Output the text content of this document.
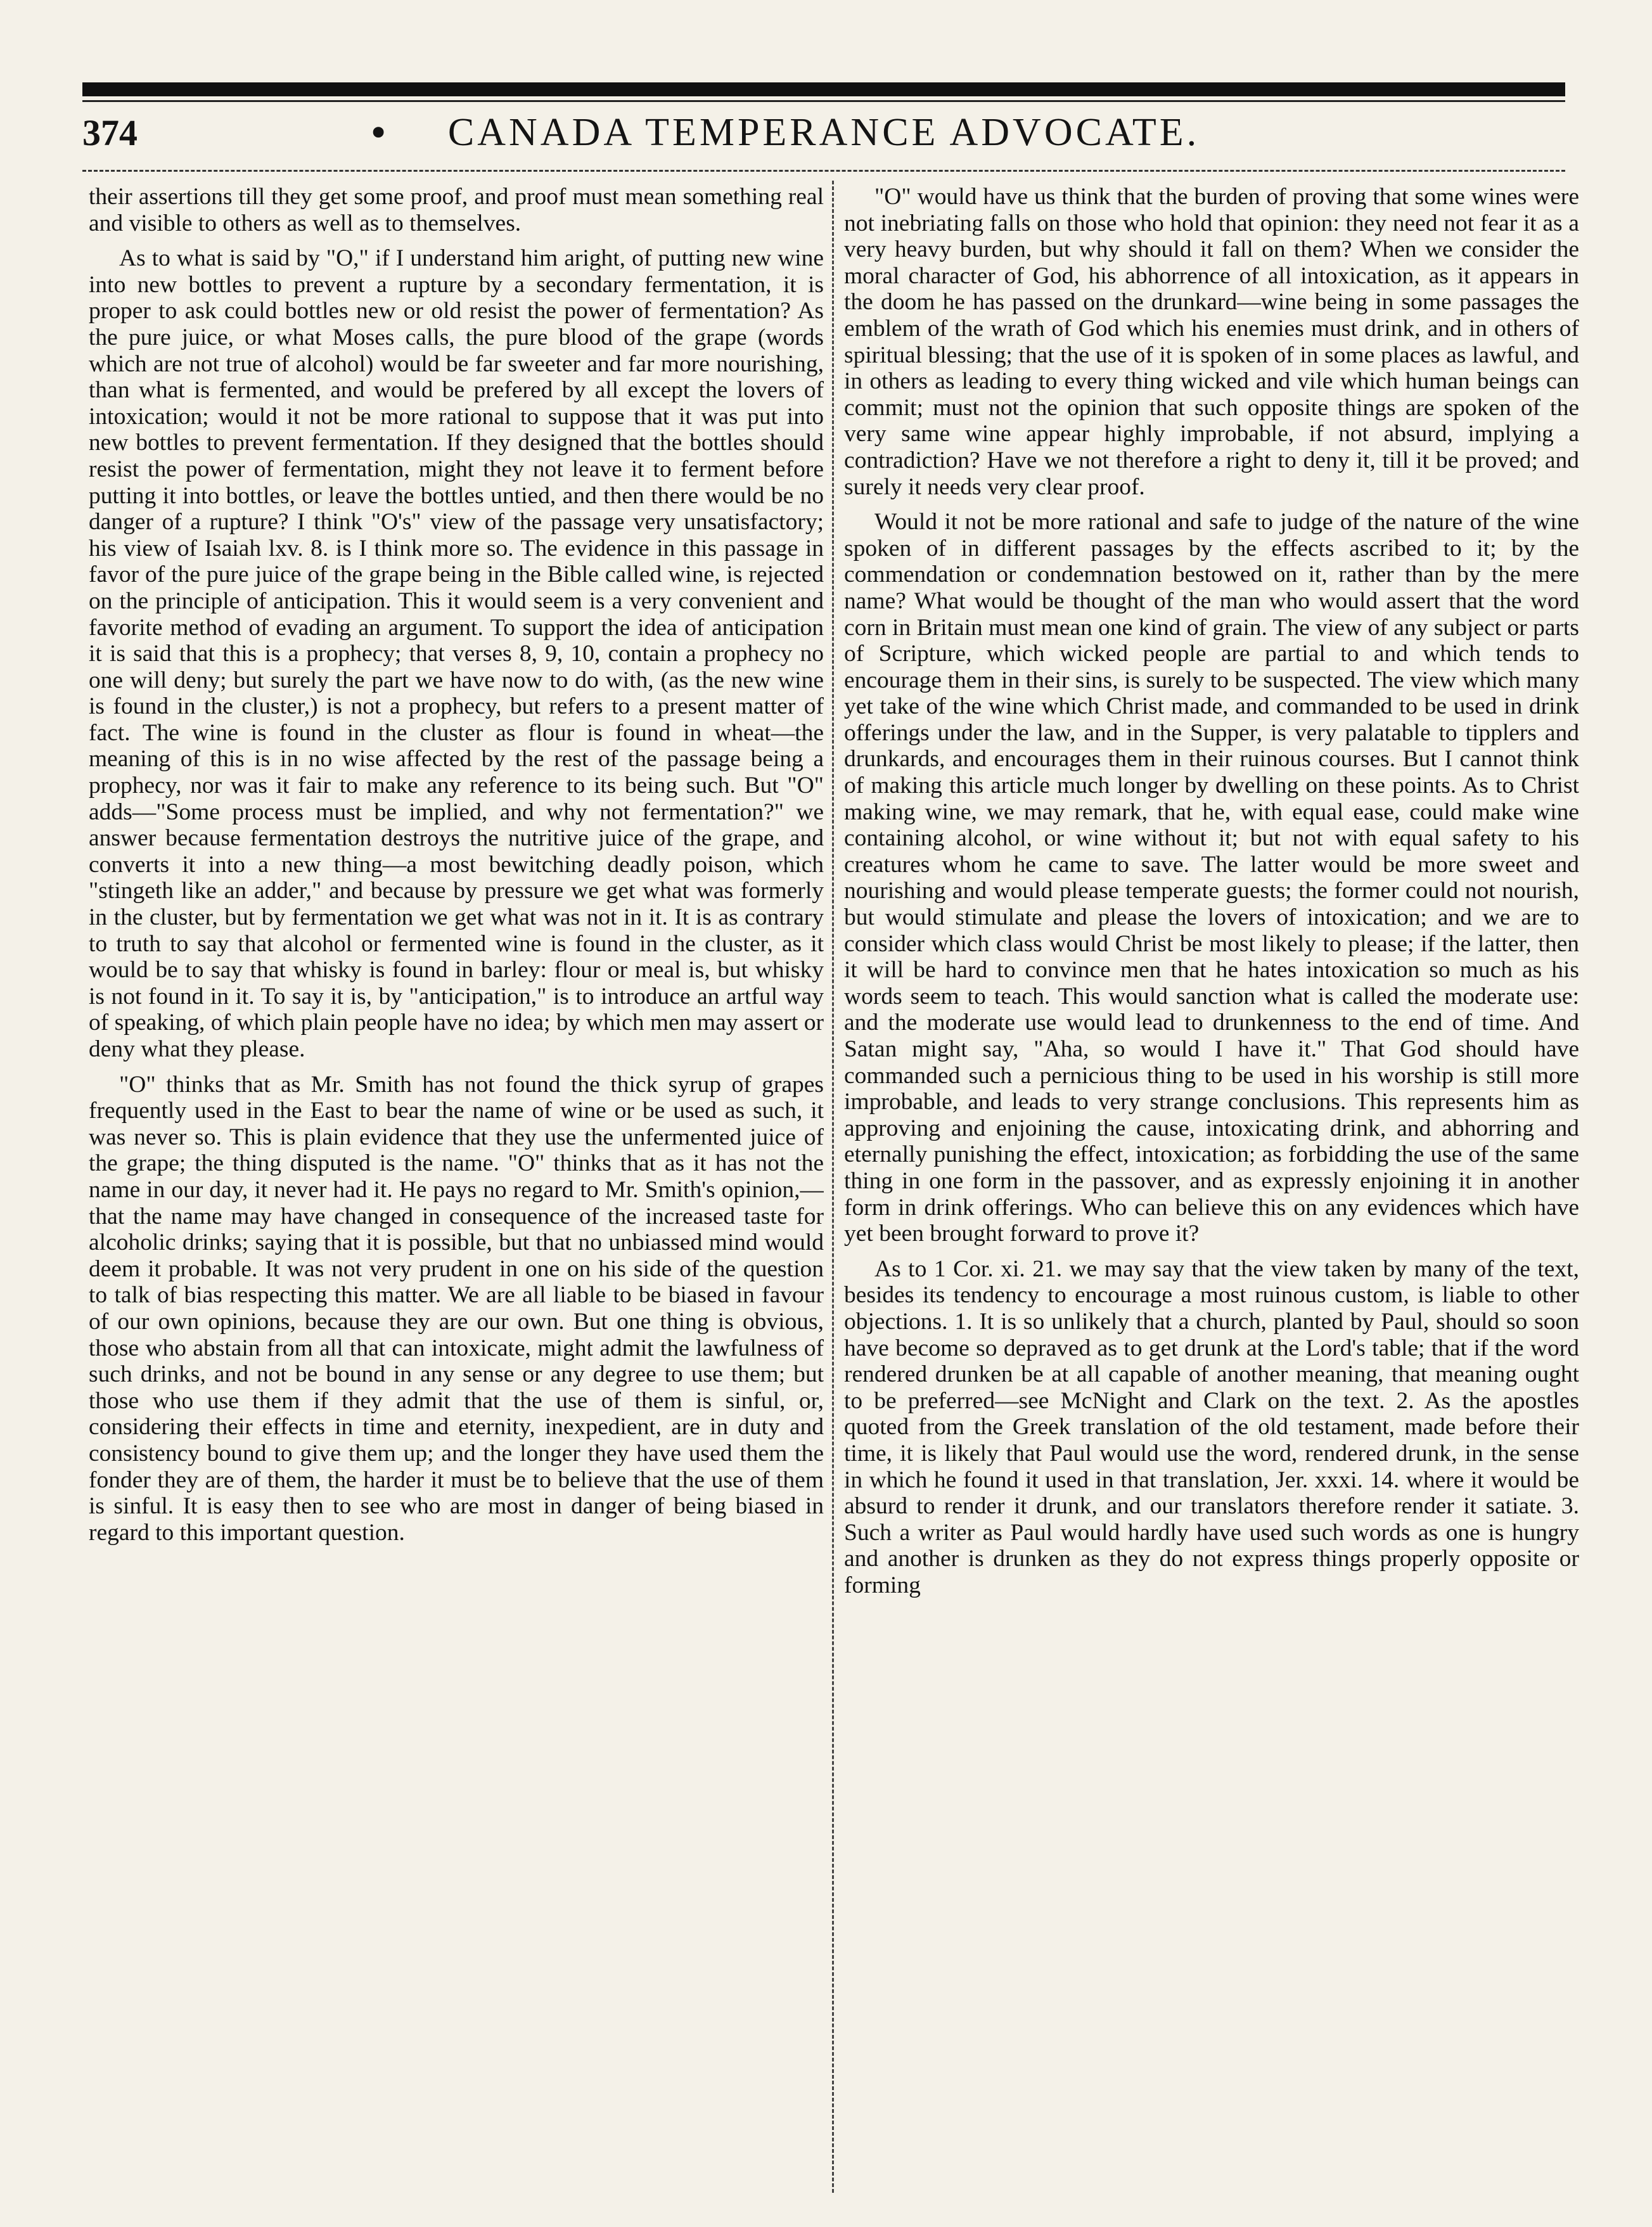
374	•	CANADA TEMPERANCE ADVOCATE.

their assertions till they get some proof, and proof must mean something real and visible to others as well as to themselves.

As to what is said by "O," if I understand him aright, of putting new wine into new bottles to prevent a rupture by a secondary fermentation, it is proper to ask could bottles new or old resist the power of fermentation? As the pure juice, or what Moses calls, the pure blood of the grape (words which are not true of alcohol) would be far sweeter and far more nourishing, than what is fermented, and would be prefered by all except the lovers of intoxication; would it not be more rational to suppose that it was put into new bottles to prevent fermentation. If they designed that the bottles should resist the power of fermentation, might they not leave it to ferment before putting it into bottles, or leave the bottles untied, and then there would be no danger of a rupture? I think "O's" view of the passage very unsatisfactory; his view of Isaiah lxv. 8. is I think more so. The evidence in this passage in favor of the pure juice of the grape being in the Bible called wine, is rejected on the principle of anticipation. This it would seem is a very convenient and favorite method of evading an argument. To support the idea of anticipation it is said that this is a prophecy; that verses 8, 9, 10, contain a prophecy no one will deny; but surely the part we have now to do with, (as the new wine is found in the cluster,) is not a prophecy, but refers to a present matter of fact. The wine is found in the cluster as flour is found in wheat—the meaning of this is in no wise affected by the rest of the passage being a prophecy, nor was it fair to make any reference to its being such. But "O" adds—"Some process must be implied, and why not fermentation?" we answer because fermentation destroys the nutritive juice of the grape, and converts it into a new thing—a most bewitching deadly poison, which "stingeth like an adder," and because by pressure we get what was formerly in the cluster, but by fermentation we get what was not in it. It is as contrary to truth to say that alcohol or fermented wine is found in the cluster, as it would be to say that whisky is found in barley: flour or meal is, but whisky is not found in it. To say it is, by "anticipation," is to introduce an artful way of speaking, of which plain people have no idea; by which men may assert or deny what they please.

"O" thinks that as Mr. Smith has not found the thick syrup of grapes frequently used in the East to bear the name of wine or be used as such, it was never so. This is plain evidence that they use the unfermented juice of the grape; the thing disputed is the name. "O" thinks that as it has not the name in our day, it never had it. He pays no regard to Mr. Smith's opinion,—that the name may have changed in consequence of the increased taste for alcoholic drinks; saying that it is possible, but that no unbiassed mind would deem it probable. It was not very prudent in one on his side of the question to talk of bias respecting this matter. We are all liable to be biased in favour of our own opinions, because they are our own. But one thing is obvious, those who abstain from all that can intoxicate, might admit the lawfulness of such drinks, and not be bound in any sense or any degree to use them; but those who use them if they admit that the use of them is sinful, or, considering their effects in time and eternity, inexpedient, are in duty and consistency bound to give them up; and the longer they have used them the fonder they are of them, the harder it must be to believe that the use of them is sinful. It is easy then to see who are most in danger of being biased in regard to this important question.

"O" would have us think that the burden of proving that some wines were not inebriating falls on those who hold that opinion: they need not fear it as a very heavy burden, but why should it fall on them? When we consider the moral character of God, his abhorrence of all intoxication, as it appears in the doom he has passed on the drunkard—wine being in some passages the emblem of the wrath of God which his enemies must drink, and in others of spiritual blessing; that the use of it is spoken of in some places as lawful, and in others as leading to every thing wicked and vile which human beings can commit; must not the opinion that such opposite things are spoken of the very same wine appear highly improbable, if not absurd, implying a contradiction? Have we not therefore a right to deny it, till it be proved; and surely it needs very clear proof.

Would it not be more rational and safe to judge of the nature of the wine spoken of in different passages by the effects ascribed to it; by the commendation or condemnation bestowed on it, rather than by the mere name? What would be thought of the man who would assert that the word corn in Britain must mean one kind of grain. The view of any subject or parts of Scripture, which wicked people are partial to and which tends to encourage them in their sins, is surely to be suspected. The view which many yet take of the wine which Christ made, and commanded to be used in drink offerings under the law, and in the Supper, is very palatable to tipplers and drunkards, and encourages them in their ruinous courses. But I cannot think of making this article much longer by dwelling on these points. As to Christ making wine, we may remark, that he, with equal ease, could make wine containing alcohol, or wine without it; but not with equal safety to his creatures whom he came to save. The latter would be more sweet and nourishing and would please temperate guests; the former could not nourish, but would stimulate and please the lovers of intoxication; and we are to consider which class would Christ be most likely to please; if the latter, then it will be hard to convince men that he hates intoxication so much as his words seem to teach. This would sanction what is called the moderate use: and the moderate use would lead to drunkenness to the end of time. And Satan might say, "Aha, so would I have it." That God should have commanded such a pernicious thing to be used in his worship is still more improbable, and leads to very strange conclusions. This represents him as approving and enjoining the cause, intoxicating drink, and abhorring and eternally punishing the effect, intoxication; as forbidding the use of the same thing in one form in the passover, and as expressly enjoining it in another form in drink offerings. Who can believe this on any evidences which have yet been brought forward to prove it?

As to 1 Cor. xi. 21. we may say that the view taken by many of the text, besides its tendency to encourage a most ruinous custom, is liable to other objections. 1. It is so unlikely that a church, planted by Paul, should so soon have become so depraved as to get drunk at the Lord's table; that if the word rendered drunken be at all capable of another meaning, that meaning ought to be preferred—see McNight and Clark on the text. 2. As the apostles quoted from the Greek translation of the old testament, made before their time, it is likely that Paul would use the word, rendered drunk, in the sense in which he found it used in that translation, Jer. xxxi. 14. where it would be absurd to render it drunk, and our translators therefore render it satiate. 3. Such a writer as Paul would hardly have used such words as one is hungry and another is drunken as they do not express things properly opposite or forming
